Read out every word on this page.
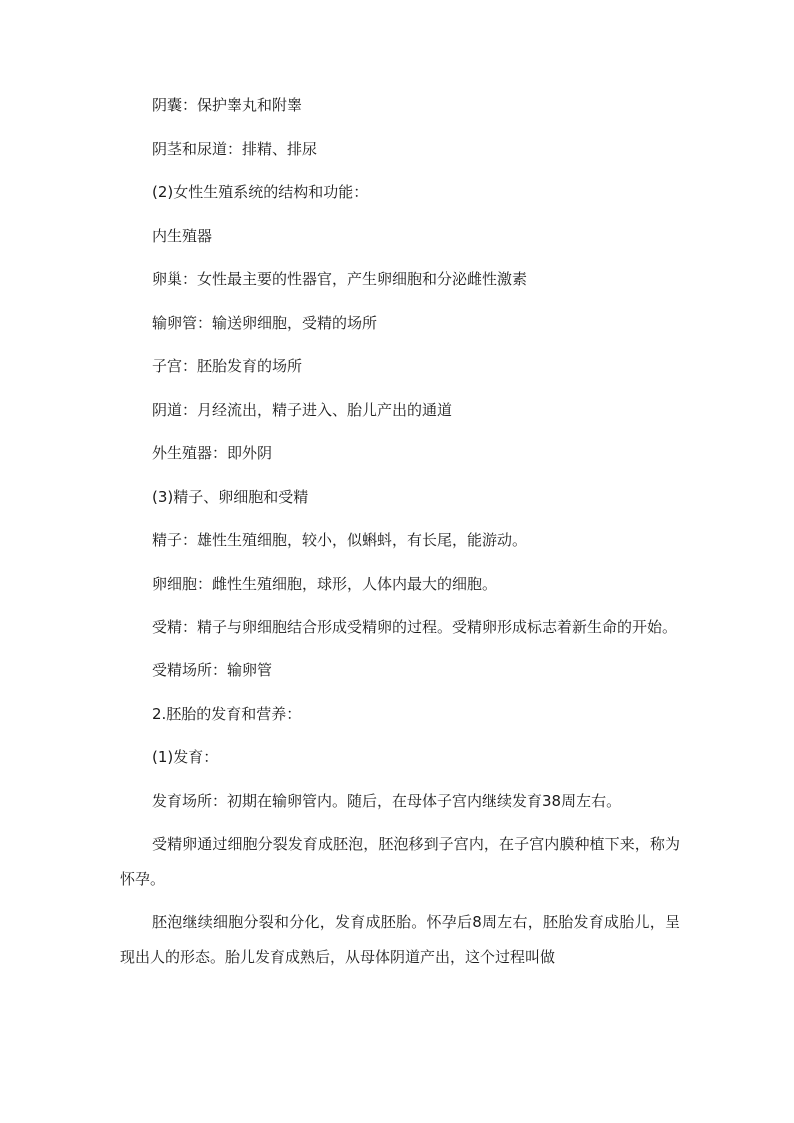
阴囊：保护睾丸和附睾

阴茎和尿道：排精、排尿

(2)女性生殖系统的结构和功能：

内生殖器

卵巢：女性最主要的性器官，产生卵细胞和分泌雌性激素

输卵管：输送卵细胞，受精的场所

子宫：胚胎发育的场所

阴道：月经流出，精子进入、胎儿产出的通道

外生殖器：即外阴

(3)精子、卵细胞和受精

精子：雄性生殖细胞，较小，似蝌蚪，有长尾，能游动。

卵细胞：雌性生殖细胞，球形，人体内最大的细胞。

受精：精子与卵细胞结合形成受精卵的过程。受精卵形成标志着新生命的开始。

受精场所：输卵管

2.胚胎的发育和营养：

(1)发育：

发育场所：初期在输卵管内。随后，在母体子宫内继续发育38周左右。

受精卵通过细胞分裂发育成胚泡，胚泡移到子宫内，在子宫内膜种植下来，称为怀孕。

胚泡继续细胞分裂和分化，发育成胚胎。怀孕后8周左右，胚胎发育成胎儿，呈现出人的形态。胎儿发育成熟后，从母体阴道产出，这个过程叫做
